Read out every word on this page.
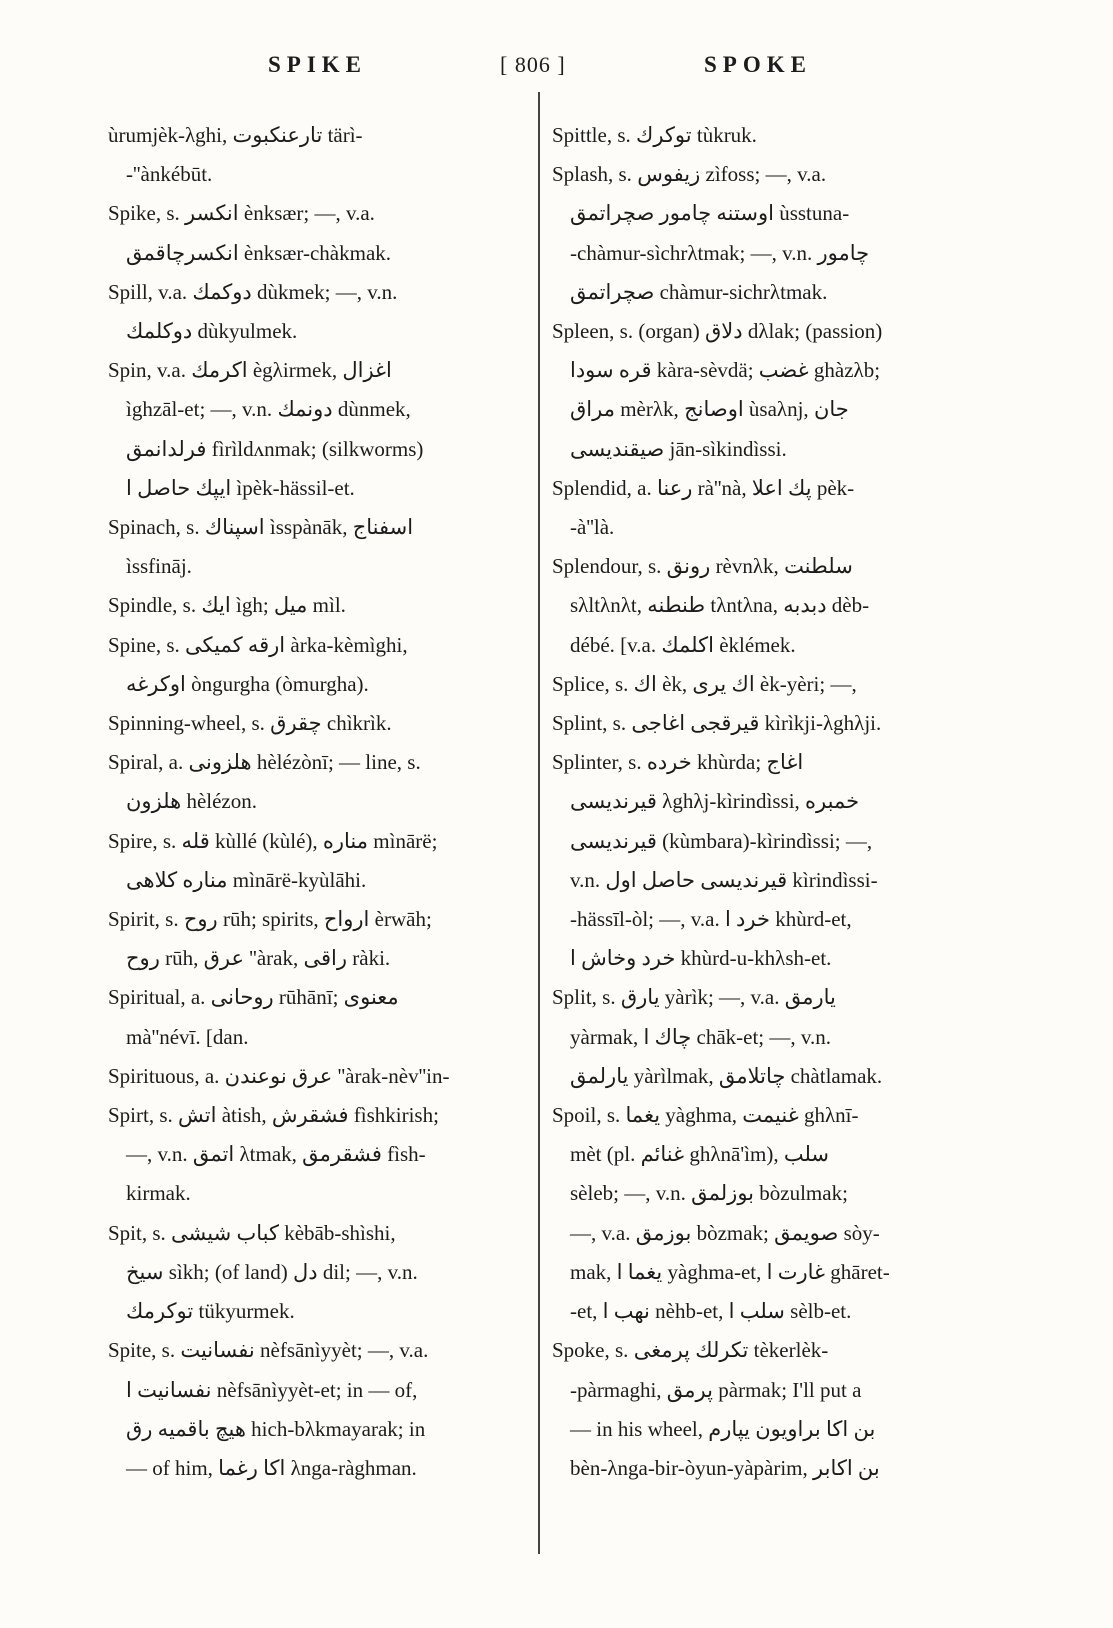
SPIKE	[ 806 ]	SPOKE
ùrumjèk-λghi, تارعنكبوت tärì-
-''ànkébūt.
Spike, s. انكسر ènksær; —, v.a.
انكسرچاقمق ènksær-chàkmak.
Spill, v.a. دوكمك dùkmek; —, v.n.
دوكلمك dùkyulmek.
Spin, v.a. اكرمك ègλirmek, اغزال
ìghzāl-et; —, v.n. دونمك dùnmek,
فرلدانمق fìrìldʌnmak; (silkworms)
ايپك حاصل ا ìpèk-hässil-et.
Spinach, s. اسپناك ìsspànāk, اسفناج
ìssfināj.
Spindle, s. ايك ìgh; ميل mìl.
Spine, s. ارقه كميكى àrka-kèmìghi,
اوكرغه òngurgha (òmurgha).
Spinning-wheel, s. چقرق chìkrìk.
Spiral, a. هلزونى hèlézònī; — line, s.
هلزون hèlézon.
Spire, s. قله kùllé (kùlé), مناره mìnārë;
مناره كلاهى mìnārë-kyùlāhi.
Spirit, s. روح rūh; spirits, ارواح èrwāh;
روح rūh, عرق ''àrak, راقى ràki.
Spiritual, a. روحانى rūhānī; معنوى
mà''névī. [dan.
Spirituous, a. عرق نوعندن ''àrak-nèv''in-
Spirt, s. اتش àtish, فشقرش fìshkirish;
—, v.n. اتمق λtmak, فشقرمق fìsh-
kirmak.
Spit, s. كباب شيشى kèbāb-shìshi,
سيخ sìkh; (of land) دل dil; —, v.n.
توكرمك tükyurmek.
Spite, s. نفسانيت nèfsānìyyèt; —, v.a.
نفسانيت ا nèfsānìyyèt-et; in — of,
هيچ باقميه رق hich-bλkmayarak; in
— of him, اكا رغما λnga-ràghman.
Spittle, s. توكرك tùkruk.
Splash, s. زيفوس zìfoss; —, v.a.
اوستنه چامور صچراتمق ùsstuna-
-chàmur-sìchrλtmak; —, v.n. چامور
صچراتمق chàmur-sichrλtmak.
Spleen, s. (organ) دلاق dλlak; (passion)
قره سودا kàra-sèvdä; غضب ghàzλb;
مراق mèrλk, اوصانج ùsaλnj, جان
صيقنديسى jān-sìkindìssi.
Splendid, a. رعنا rà''nà, پك اعلا pèk-
-à''là.
Splendour, s. رونق rèvnλk, سلطنت
sλltλnλt, طنطنه tλntλna, دبدبه dèb-
débé. [v.a. اكلمك èklémek.
Splice, s. اك èk, اك يرى èk-yèri; —,
Splint, s. قيرقجى اغاجى kìrìkji-λghλji.
Splinter, s. خرده khùrda; اغاج
قيرنديسى λghλj-kìrindìssi, خمبره
قيرنديسى (kùmbara)-kìrindìssi; —,
v.n. قيرنديسى حاصل اول kìrindìssi-
-hässīl-òl; —, v.a. خرد ا khùrd-et,
خرد وخاش ا khùrd-u-khλsh-et.
Split, s. يارق yàrìk; —, v.a. يارمق
yàrmak, چاك ا chāk-et; —, v.n.
يارلمق yàrìlmak, چاتلامق chàtlamak.
Spoil, s. يغما yàghma, غنيمت ghλnī-
mèt (pl. غنائم ghλnā'ìm), سلب
sèleb; —, v.n. بوزلمق bòzulmak;
—, v.a. بوزمق bòzmak; صويمق sòy-
mak, يغما ا yàghma-et, غارت ا ghāret-
-et, نهب ا nèhb-et, سلب ا sèlb-et.
Spoke, s. تكرلك پرمغى tèkerlèk-
-pàrmaghi, پرمق pàrmak; I'll put a
— in his wheel, بن اكا براويون يپارم
bèn-λnga-bir-òyun-yàpàrim, بن اكابر
